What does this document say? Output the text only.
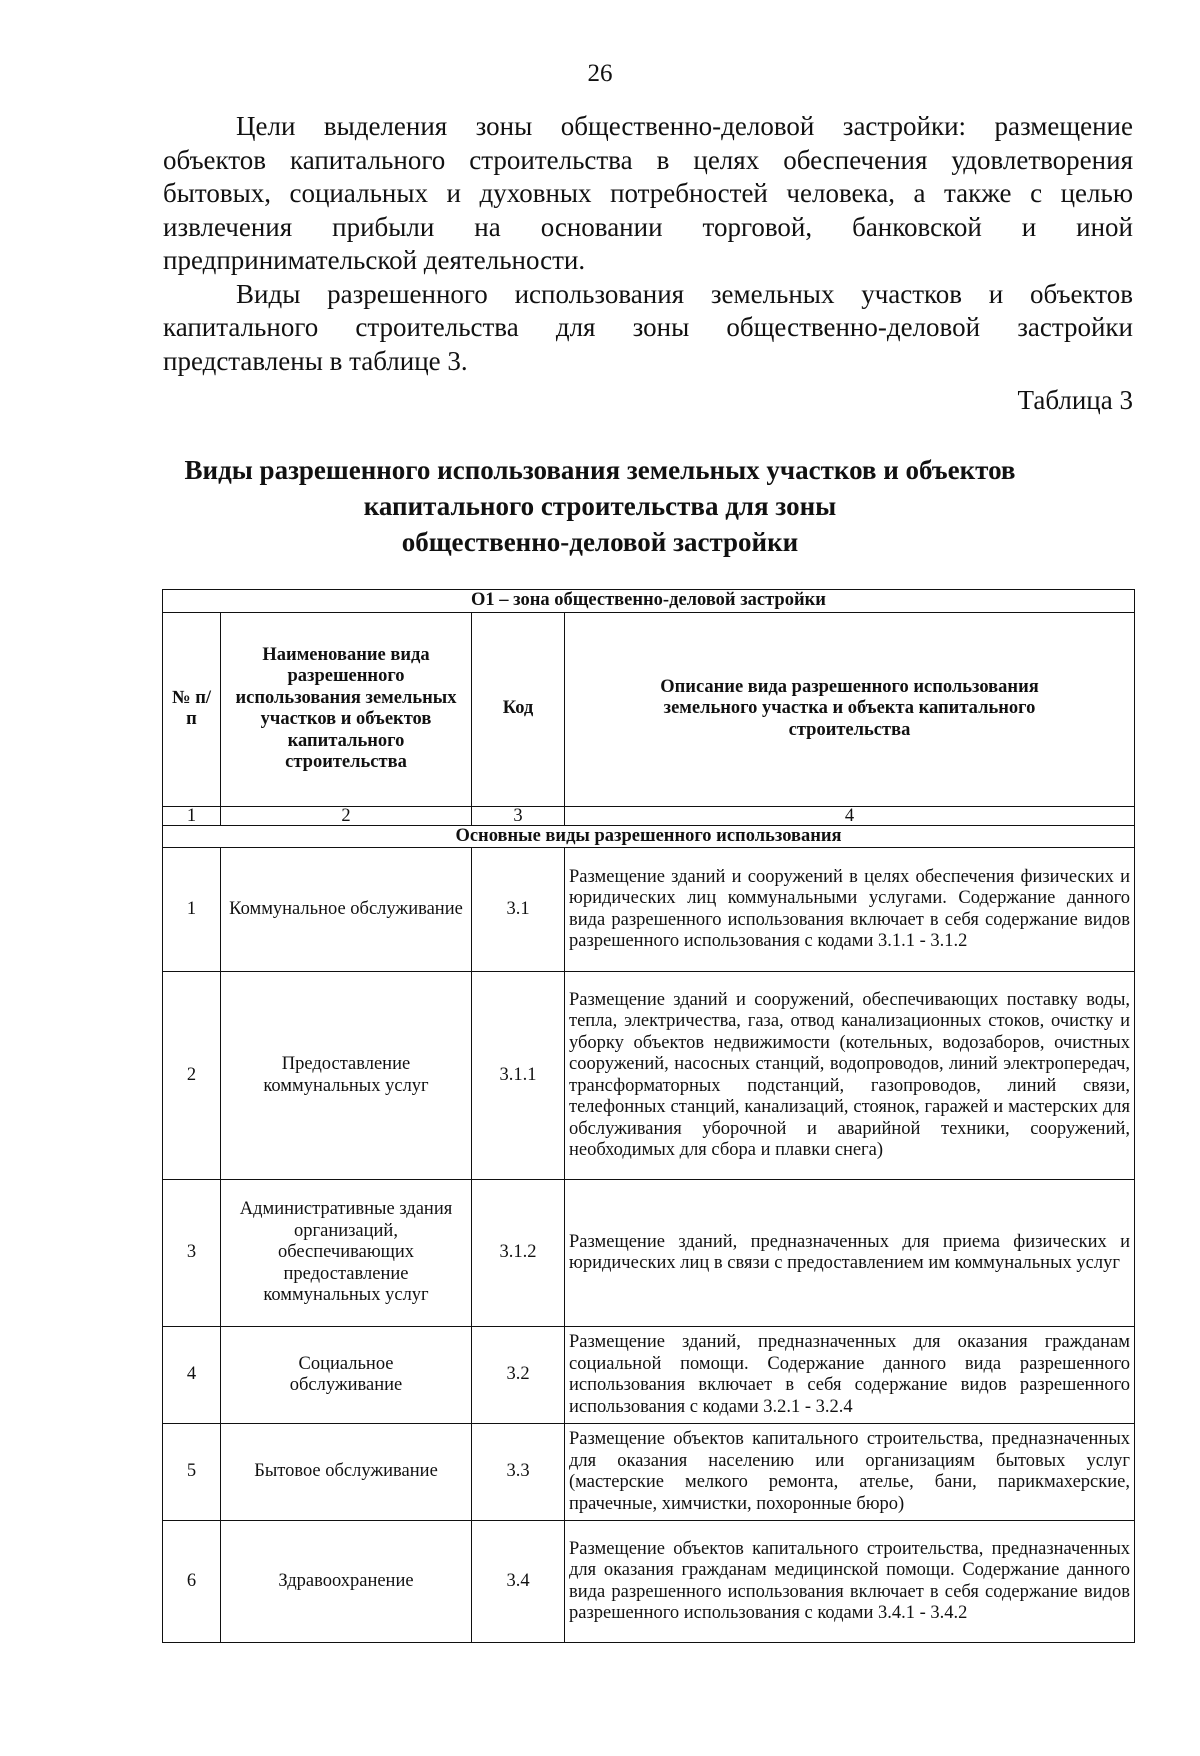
26

Цели выделения зоны общественно-деловой застройки: размещение объектов капитального строительства в целях обеспечения удовлетворения бытовых, социальных и духовных потребностей человека, а также с целью извлечения прибыли на основании торговой, банковской и иной предпринимательской деятельности.

Виды разрешенного использования земельных участков и объектов капитального строительства для зоны общественно-деловой застройки представлены в таблице 3.

Таблица 3
Виды разрешенного использования земельных участков и объектов
капитального строительства для зоны
общественно-деловой застройки
О1 – зона общественно-деловой застройки			
№ п/п	Наименование вида разрешенного использования земельных участков и объектов капитального строительства	Код	Описание вида разрешенного использования земельного участка и объекта капитального строительства
1	2	3	4
Основные виды разрешенного использования			
1	Коммунальное обслуживание	3.1	Размещение зданий и сооружений в целях обеспечения физических и юридических лиц коммунальными услугами. Содержание данного вида разрешенного использования включает в себя содержание видов разрешенного использования с кодами 3.1.1 - 3.1.2
2	Предоставление коммунальных услуг	3.1.1	Размещение зданий и сооружений, обеспечивающих поставку воды, тепла, электричества, газа, отвод канализационных стоков, очистку и уборку объектов недвижимости (котельных, водозаборов, очистных сооружений, насосных станций, водопроводов, линий электропередач, трансформаторных подстанций, газопроводов, линий связи, телефонных станций, канализаций, стоянок, гаражей и мастерских для обслуживания уборочной и аварийной техники, сооружений, необходимых для сбора и плавки снега)
3	Административные здания организаций, обеспечивающих предоставление коммунальных услуг	3.1.2	Размещение зданий, предназначенных для приема физических и юридических лиц в связи с предоставлением им коммунальных услуг
4	Социальное обслуживание	3.2	Размещение зданий, предназначенных для оказания гражданам социальной помощи. Содержание данного вида разрешенного использования включает в себя содержание видов разрешенного использования с кодами 3.2.1 - 3.2.4
5	Бытовое обслуживание	3.3	Размещение объектов капитального строительства, предназначенных для оказания населению или организациям бытовых услуг (мастерские мелкого ремонта, ателье, бани, парикмахерские, прачечные, химчистки, похоронные бюро)
6	Здравоохранение	3.4	Размещение объектов капитального строительства, предназначенных для оказания гражданам медицинской помощи. Содержание данного вида разрешенного использования включает в себя содержание видов разрешенного использования с кодами 3.4.1 - 3.4.2
